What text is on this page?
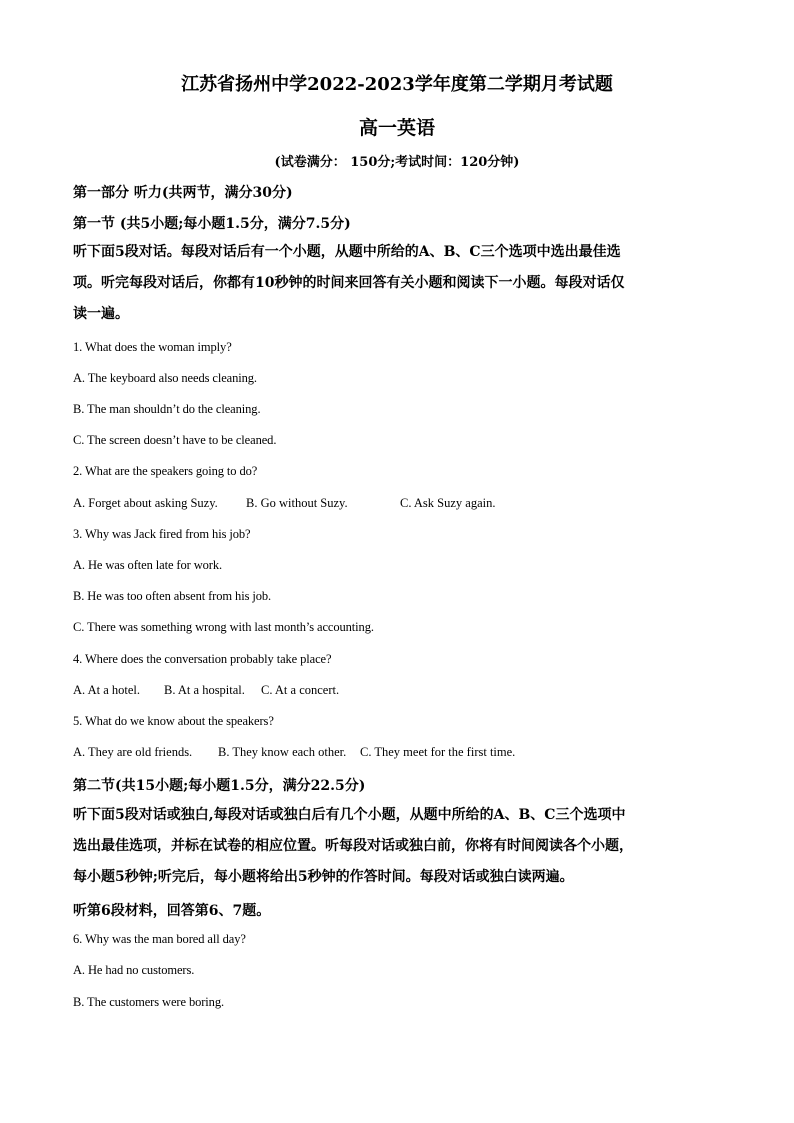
江苏省扬州中学2022-2023学年度第二学期月考试题
高一英语
(试卷满分： 150分;考试时间：120分钟)
第一部分 听力(共两节，满分30分)
第一节 (共5小题;每小题1.5分，满分7.5分)
听下面5段对话。每段对话后有一个小题，从题中所给的A、B、C三个选项中选出最佳选
项。听完每段对话后，你都有10秒钟的时间来回答有关小题和阅读下一小题。每段对话仅
读一遍。
1. What does the woman imply?
A. The keyboard also needs cleaning.
B. The man shouldn’t do the cleaning.
C. The screen doesn’t have to be cleaned.
2. What are the speakers going to do?
A. Forget about asking Suzy. B. Go without Suzy.	C. Ask Suzy again.
3. Why was Jack fired from his job?
A. He was often late for work.
B. He was too often absent from his job.
C. There was something wrong with last month’s accounting.
4. Where does the conversation probably take place?
A. At a hotel. B. At a hospital. C. At a concert.
5. What do we know about the speakers?
A. They are old friends. B. They know each other. C. They meet for the first time.
第二节(共15小题;每小题1.5分，满分22.5分)
听下面5段对话或独白,每段对话或独白后有几个小题，从题中所给的A、B、C三个选项中
选出最佳选项，并标在试卷的相应位置。听每段对话或独白前，你将有时间阅读各个小题，
每小题5秒钟;听完后，每小题将给出5秒钟的作答时间。每段对话或独白读两遍。
听第6段材料，回答第6、7题。
6. Why was the man bored all day?
A. He had no customers.
B. The customers were boring.
